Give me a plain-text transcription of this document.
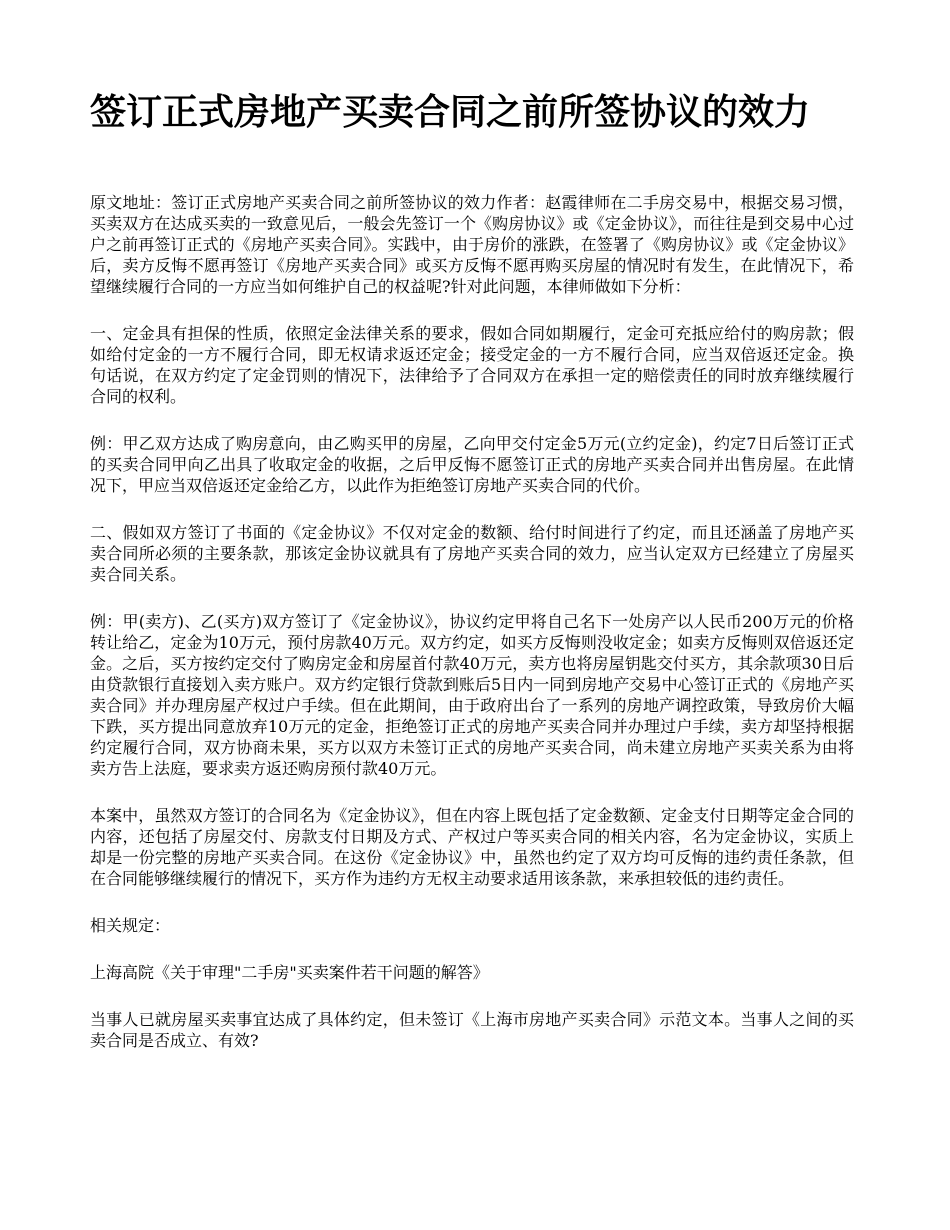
签订正式房地产买卖合同之前所签协议的效力

原文地址：签订正式房地产买卖合同之前所签协议的效力作者：赵霞律师在二手房交易中，根据交易习惯，买卖双方在达成买卖的一致意见后，一般会先签订一个《购房协议》或《定金协议》，而往往是到交易中心过户之前再签订正式的《房地产买卖合同》。实践中，由于房价的涨跌，在签署了《购房协议》或《定金协议》后，卖方反悔不愿再签订《房地产买卖合同》或买方反悔不愿再购买房屋的情况时有发生，在此情况下，希望继续履行合同的一方应当如何维护自己的权益呢?针对此问题，本律师做如下分析：

一、定金具有担保的性质，依照定金法律关系的要求，假如合同如期履行，定金可充抵应给付的购房款；假如给付定金的一方不履行合同，即无权请求返还定金；接受定金的一方不履行合同，应当双倍返还定金。换句话说，在双方约定了定金罚则的情况下，法律给予了合同双方在承担一定的赔偿责任的同时放弃继续履行合同的权利。

例：甲乙双方达成了购房意向，由乙购买甲的房屋，乙向甲交付定金5万元(立约定金)，约定7日后签订正式的买卖合同甲向乙出具了收取定金的收据，之后甲反悔不愿签订正式的房地产买卖合同并出售房屋。在此情况下，甲应当双倍返还定金给乙方，以此作为拒绝签订房地产买卖合同的代价。

二、假如双方签订了书面的《定金协议》不仅对定金的数额、给付时间进行了约定，而且还涵盖了房地产买卖合同所必须的主要条款，那该定金协议就具有了房地产买卖合同的效力，应当认定双方已经建立了房屋买卖合同关系。

例：甲(卖方)、乙(买方)双方签订了《定金协议》，协议约定甲将自己名下一处房产以人民币200万元的价格转让给乙，定金为10万元，预付房款40万元。双方约定，如买方反悔则没收定金；如卖方反悔则双倍返还定金。之后，买方按约定交付了购房定金和房屋首付款40万元，卖方也将房屋钥匙交付买方，其余款项30日后由贷款银行直接划入卖方账户。双方约定银行贷款到账后5日内一同到房地产交易中心签订正式的《房地产买卖合同》并办理房屋产权过户手续。但在此期间，由于政府出台了一系列的房地产调控政策，导致房价大幅下跌，买方提出同意放弃10万元的定金，拒绝签订正式的房地产买卖合同并办理过户手续，卖方却坚持根据约定履行合同，双方协商未果，买方以双方未签订正式的房地产买卖合同，尚未建立房地产买卖关系为由将卖方告上法庭，要求卖方返还购房预付款40万元。

本案中，虽然双方签订的合同名为《定金协议》，但在内容上既包括了定金数额、定金支付日期等定金合同的内容，还包括了房屋交付、房款支付日期及方式、产权过户等买卖合同的相关内容，名为定金协议，实质上却是一份完整的房地产买卖合同。在这份《定金协议》中，虽然也约定了双方均可反悔的违约责任条款，但在合同能够继续履行的情况下，买方作为违约方无权主动要求适用该条款，来承担较低的违约责任。

相关规定：

上海高院《关于审理"二手房"买卖案件若干问题的解答》

当事人已就房屋买卖事宜达成了具体约定，但未签订《上海市房地产买卖合同》示范文本。当事人之间的买卖合同是否成立、有效?
